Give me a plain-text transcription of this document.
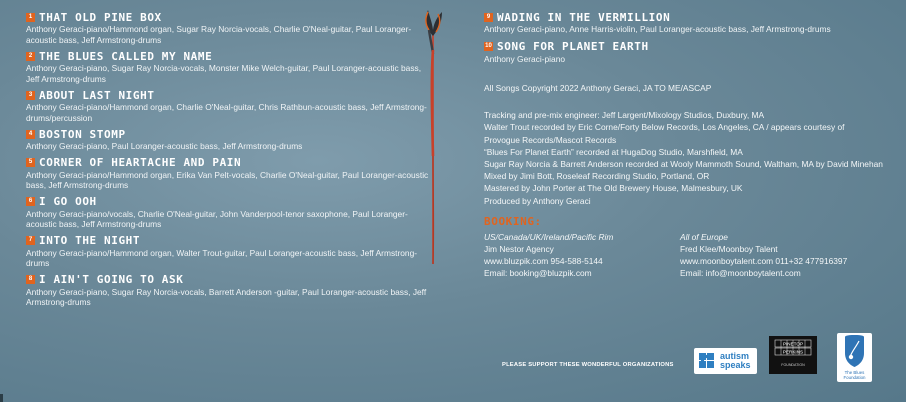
1 THAT OLD PINE BOX
Anthony Geraci-piano/Hammond organ, Sugar Ray Norcia-vocals, Charlie O'Neal-guitar, Paul Loranger-acoustic bass, Jeff Armstrong-drums
2 THE BLUES CALLED MY NAME
Anthony Geraci-piano, Sugar Ray Norcia-vocals, Monster Mike Welch-guitar, Paul Loranger-acoustic bass, Jeff Armstrong-drums
3 ABOUT LAST NIGHT
Anthony Geraci-piano/Hammond organ, Charlie O'Neal-guitar, Chris Rathbun-acoustic bass, Jeff Armstrong-drums/percussion
4 BOSTON STOMP
Anthony Geraci-piano, Paul Loranger-acoustic bass, Jeff Armstrong-drums
5 CORNER OF HEARTACHE AND PAIN
Anthony Geraci-piano/Hammond organ, Erika Van Pelt-vocals, Charlie O'Neal-guitar, Paul Loranger-acoustic bass, Jeff Armstrong-drums
6 I GO OOH
Anthony Geraci-piano/vocals, Charlie O'Neal-guitar, John Vanderpool-tenor saxophone, Paul Loranger-acoustic bass, Jeff Armstrong-drums
7 INTO THE NIGHT
Anthony Geraci-piano/Hammond organ, Walter Trout-guitar, Paul Loranger-acoustic bass, Jeff Armstrong-drums
8 I AIN'T GOING TO ASK
Anthony Geraci-piano, Sugar Ray Norcia-vocals, Barrett Anderson -guitar, Paul Loranger-acoustic bass, Jeff Armstrong-drums
9 WADING IN THE VERMILLION
Anthony Geraci-piano, Anne Harris-violin, Paul Loranger-acoustic bass, Jeff Armstrong-drums
10 SONG FOR PLANET EARTH
Anthony Geraci-piano
All Songs Copyright 2022 Anthony Geraci, JA TO ME/ASCAP
Tracking and pre-mix engineer: Jeff Largent/Mixology Studios, Duxbury, MA
Walter Trout recorded by Eric Corne/Forty Below Records, Los Angeles, CA / appears courtesy of
Provogue Records/Mascot Records
“Blues For Planet Earth” recorded at HugaDog Studio, Marshfield, MA
Sugar Ray Norcia & Barrett Anderson recorded at Wooly Mammoth Sound, Waltham, MA by David Minehan
Mixed by Jimi Bott, Roseleaf Recording Studio, Portland, OR
Mastered by John Porter at The Old Brewery House, Malmesbury, UK
Produced by Anthony Geraci
BOOKING:
US/Canada/UK/Ireland/Pacific Rim
Jim Nestor Agency
www.bluzpik.com 954-588-5144
Email: booking@bluzpik.com
All of Europe
Fred Klee/Moonboy Talent
www.moonboytalent.com 011+32 477916397
Email: info@moonboytalent.com
PLEASE SUPPORT THESE WONDERFUL ORGANIZATIONS
autism
speaks
PINETOP
PERKINS
FOUNDATION
The Blues
Foundation
